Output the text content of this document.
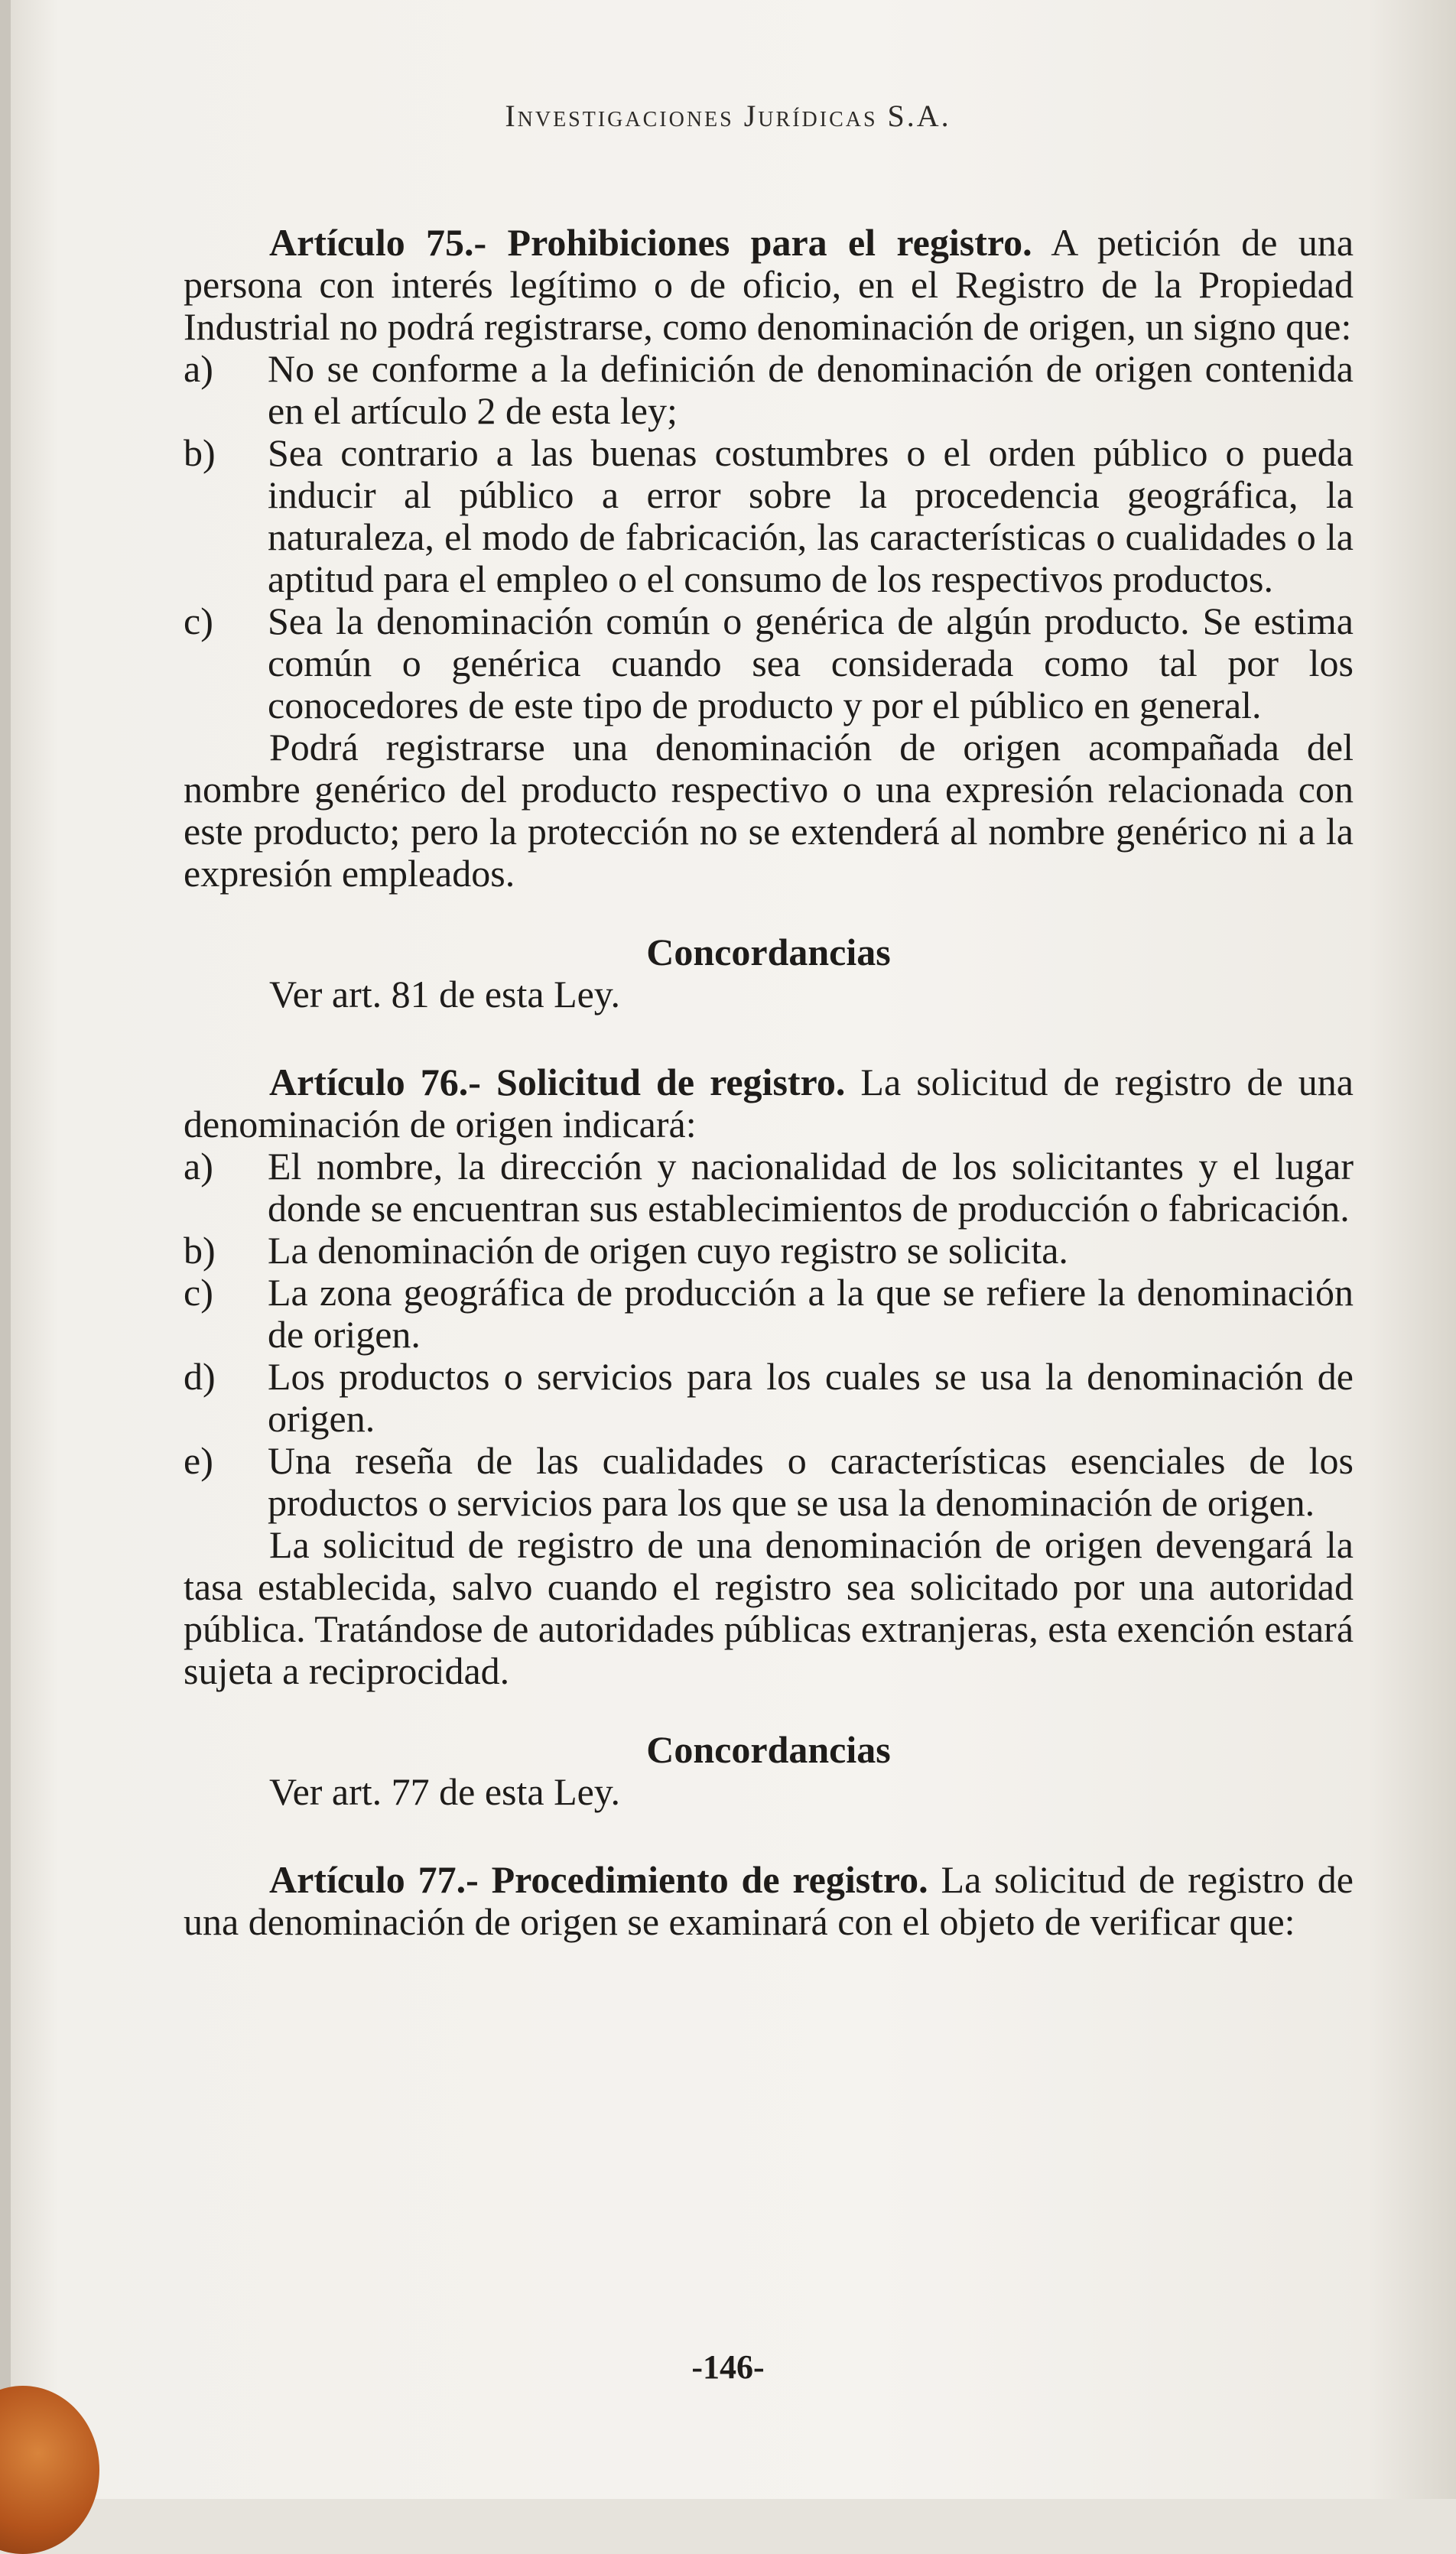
Investigaciones Jurídicas S.A.

Artículo 75.- Prohibiciones para el registro. A petición de una persona con interés legítimo o de oficio, en el Registro de la Propiedad Industrial no podrá registrarse, como denominación de origen, un signo que:

a)	No se conforme a la definición de denominación de origen contenida en el artículo 2 de esta ley;
b)	Sea contrario a las buenas costumbres o el orden público o pueda inducir al público a error sobre la procedencia geográfica, la naturaleza, el modo de fabricación, las características o cualidades o la aptitud para el empleo o el consumo de los respectivos productos.
c)	Sea la denominación común o genérica de algún producto. Se estima común o genérica cuando sea considerada como tal por los conocedores de este tipo de producto y por el público en general.

Podrá registrarse una denominación de origen acompañada del nombre genérico del producto respectivo o una expresión relacionada con este producto; pero la protección no se extenderá al nombre genérico ni a la expresión empleados.

Concordancias
Ver art. 81 de esta Ley.

Artículo 76.- Solicitud de registro. La solicitud de registro de una denominación de origen indicará:

a)	El nombre, la dirección y nacionalidad de los solicitantes y el lugar donde se encuentran sus establecimientos de producción o fabricación.
b)	La denominación de origen cuyo registro se solicita.
c)	La zona geográfica de producción a la que se refiere la denominación de origen.
d)	Los productos o servicios para los cuales se usa la denominación de origen.
e)	Una reseña de las cualidades o características esenciales de los productos o servicios para los que se usa la denominación de origen.

La solicitud de registro de una denominación de origen devengará la tasa establecida, salvo cuando el registro sea solicitado por una autoridad pública. Tratándose de autoridades públicas extranjeras, esta exención estará sujeta a reciprocidad.

Concordancias
Ver art. 77 de esta Ley.

Artículo 77.- Procedimiento de registro. La solicitud de registro de una denominación de origen se examinará con el objeto de verificar que:

-146-
